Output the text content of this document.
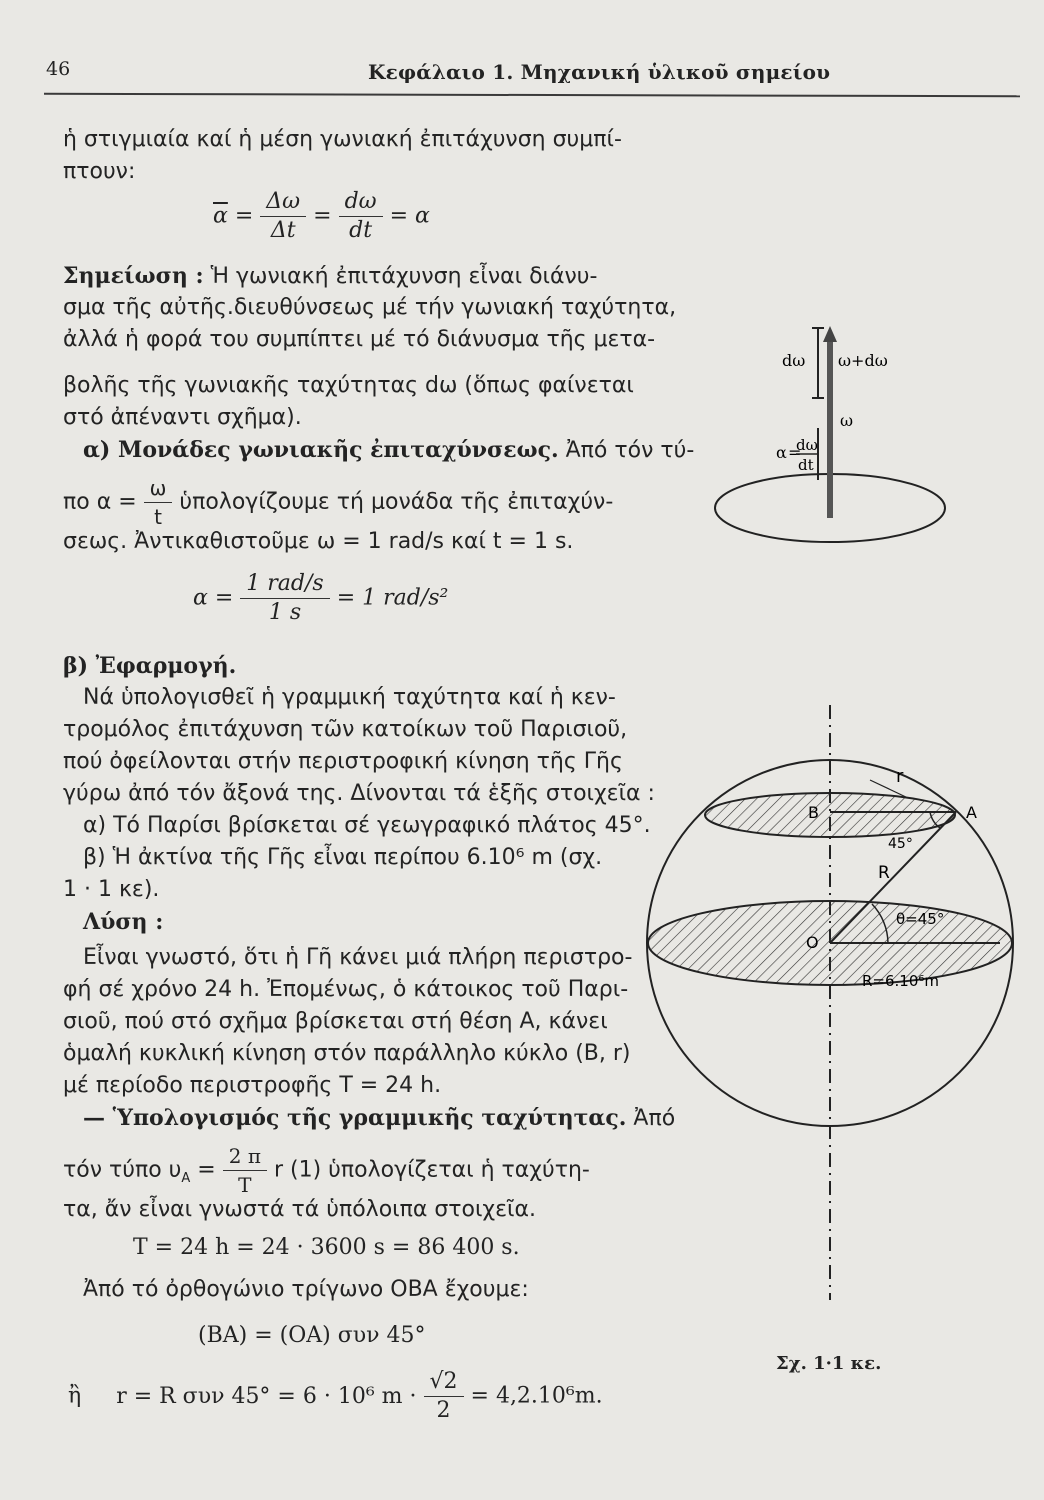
46	Κεφάλαιο 1. Μηχανική ὑλικοῦ σημείου
ἡ στιγμιαία καί ἡ μέση γωνιακή ἐπιτάχυνση συμπί-
πτουν:
$\overline{\alpha} = \frac{\Delta\omega}{\Delta t} = \frac{d\omega}{dt} = \alpha$
Σημείωση : Ἡ γωνιακή ἐπιτάχυνση εἶναι διάνυ-
σμα τῆς αὐτῆς.διευθύνσεως μέ τήν γωνιακή ταχύτητα,
ἀλλά ἡ φορά του συμπίπτει μέ τό διάνυσμα τῆς μετα-
βολῆς τῆς γωνιακῆς ταχύτητας dω (ὅπως φαίνεται
στό ἀπέναντι σχῆμα).
α) Μονάδες γωνιακῆς ἐπιταχύνσεως. Ἀπό τόν τύ-
πο $\alpha = \frac{\omega}{t}$ ὑπολογίζουμε τή μονάδα τῆς ἐπιταχύν-
σεως. Ἀντικαθιστοῦμε ω = 1 rad/s καί t = 1 s.
$\alpha = \frac{\text{1 rad/s}}{1 s} = 1$ rad/s²
β) Ἐφαρμογή.
Νά ὑπολογισθεῖ ἡ γραμμική ταχύτητα καί ἡ κεν-
τρομόλος ἐπιτάχυνση τῶν κατοίκων τοῦ Παρισιοῦ,
πού ὀφείλονται στήν περιστροφική κίνηση τῆς Γῆς
γύρω ἀπό τόν ἄξονά της. Δίνονται τά ἑξῆς στοιχεῖα :
α) Τό Παρίσι βρίσκεται σέ γεωγραφικό πλάτος 45°.
β) Ἡ ἀκτίνα τῆς Γῆς εἶναι περίπου 6.10⁶ m (σχ.
1 · 1 κε).
Λύση :
Εἶναι γνωστό, ὅτι ἡ Γῆ κάνει μιά πλήρη περιστρο-
φή σέ χρόνο 24 h. Ἐπομένως, ὁ κάτοικος τοῦ Παρι-
σιοῦ, πού στό σχῆμα βρίσκεται στή θέση Α, κάνει
ὁμαλή κυκλική κίνηση στόν παράλληλο κύκλο (Β, r)
μέ περίοδο περιστροφῆς T = 24 h.
— Ὑπολογισμός τῆς γραμμικῆς ταχύτητας. Ἀπό
τόν τύπο $\upsilon_A = \frac{2 \pi}{T}$ r (1) ὑπολογίζεται ἡ ταχύτη-
τα, ἄν εἶναι γνωστά τά ὑπόλοιπα στοιχεῖα.
T = 24 h = 24 · 3600 s = 86 400 s.
Ἀπό τό ὀρθογώνιο τρίγωνο ΟΒΑ ἔχουμε:
(ΒΑ) = (ΟΑ) συν 45°
ἢ r = R συν 45° = 6 · 10⁶ $m \cdot \frac{√2}{2} = 4,2.10^6m$.
dω ω+dω
ω
α =
dω
dt
r
B	A
45°
R
θ=45°
O
R=6.10⁶m
Σχ. 1·1 κε.
